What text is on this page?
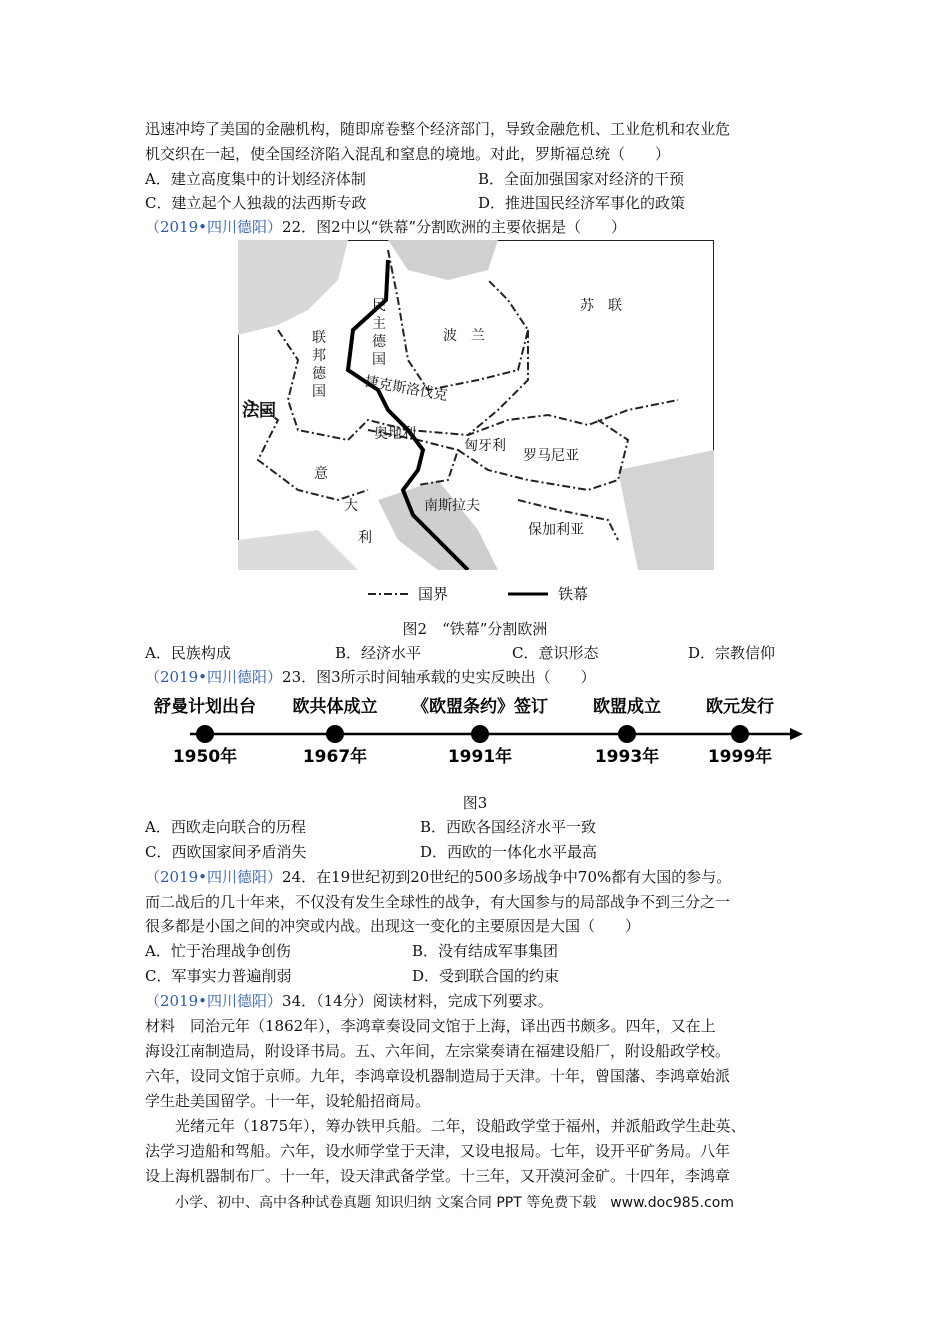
迅速冲垮了美国的金融机构，随即席卷整个经济部门，导致金融危机、工业危机和农业危
机交织在一起，使全国经济陷入混乱和窒息的境地。对此，罗斯福总统（　　）
A．建立高度集中的计划经济体制	B．全面加强国家对经济的干预
C．建立起个人独裁的法西斯专政	D．推进国民经济军事化的政策
（2019•四川德阳）22．图2中以“铁幕”分割欧洲的主要依据是（　　）
国界	铁幕
苏　联
波　兰
捷克斯洛伐克
奥地利
匈牙利
罗马尼亚
南斯拉夫
保加利亚
意
大
利
法国
民 主 德 国
联 邦 德 国
图2　“铁幕”分割欧洲
A．民族构成	B．经济水平	C．意识形态	D．宗教信仰
（2019•四川德阳）23．图3所示时间轴承载的史实反映出（　　）
舒曼计划出台
1950年
欧共体成立
1967年
《欧盟条约》签订
1991年
欧盟成立
1993年
欧元发行
1999年
图3
A．西欧走向联合的历程	B．西欧各国经济水平一致
C．西欧国家间矛盾消失	D．西欧的一体化水平最高
（2019•四川德阳）24．在19世纪初到20世纪的500多场战争中70%都有大国的参与。
而二战后的几十年来，不仅没有发生全球性的战争，有大国参与的局部战争不到三分之一
很多都是小国之间的冲突或内战。出现这一变化的主要原因是大国（　　）
A．忙于治理战争创伤	B．没有结成军事集团
C．军事实力普遍削弱	D．受到联合国的约束
（2019•四川德阳）34．（14分）阅读材料，完成下列要求。
材料　同治元年（1862年），李鸿章奏设同文馆于上海，译出西书颇多。四年，又在上
海设江南制造局，附设译书局。五、六年间，左宗棠奏请在福建设船厂，附设船政学校。
六年，设同文馆于京师。九年，李鸿章设机器制造局于天津。十年，曾国藩、李鸿章始派
学生赴美国留学。十一年，设轮船招商局。
　　光绪元年（1875年），筹办铁甲兵船。二年，设船政学堂于福州，并派船政学生赴英、
法学习造船和驾船。六年，设水师学堂于天津，又设电报局。七年，设开平矿务局。八年
设上海机器制布厂。十一年，设天津武备学堂。十三年，又开漠河金矿。十四年，李鸿章
小学、初中、高中各种试卷真题 知识归纳 文案合同 PPT 等免费下载　www.doc985.com
